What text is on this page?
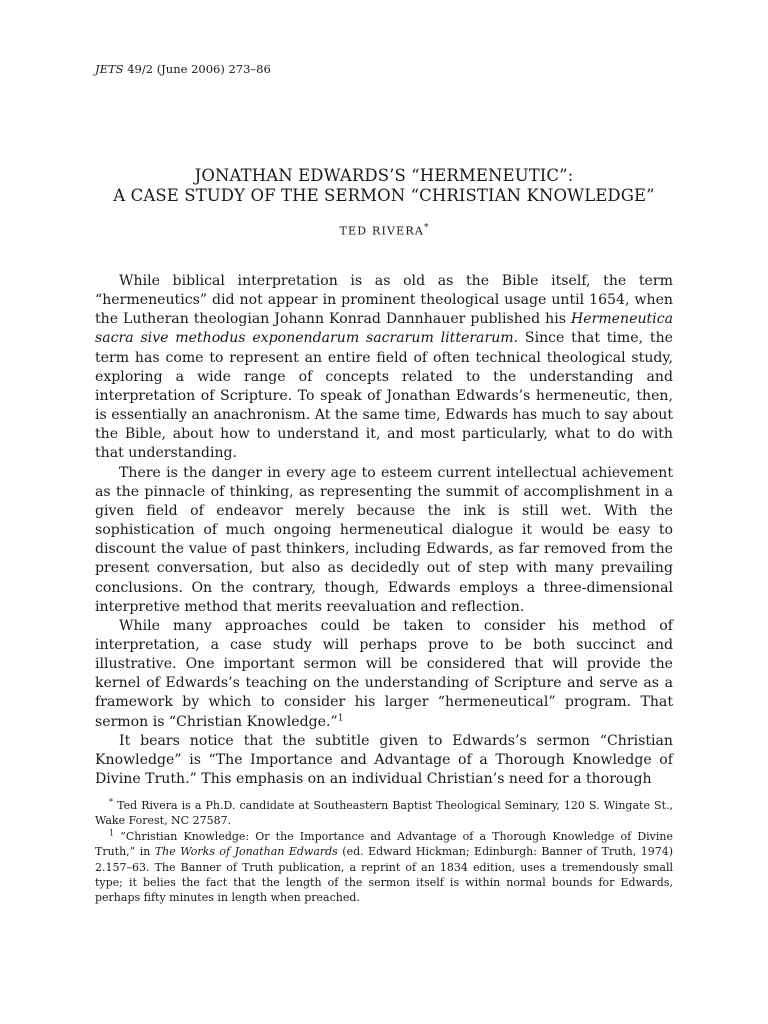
JETS 49/2 (June 2006) 273–86
JONATHAN EDWARDS’S “HERMENEUTIC”:
A CASE STUDY OF THE SERMON “CHRISTIAN KNOWLEDGE”
TED RIVERA*

While biblical interpretation is as old as the Bible itself, the term “hermeneutics” did not appear in prominent theological usage until 1654, when the Lutheran theologian Johann Konrad Dannhauer published his Hermeneutica sacra sive methodus exponendarum sacrarum litterarum. Since that time, the term has come to represent an entire field of often technical theological study, exploring a wide range of concepts related to the understanding and interpretation of Scripture. To speak of Jonathan Edwards’s hermeneutic, then, is essentially an anachronism. At the same time, Edwards has much to say about the Bible, about how to understand it, and most particularly, what to do with that understanding.

There is the danger in every age to esteem current intellectual achievement as the pinnacle of thinking, as representing the summit of accomplishment in a given field of endeavor merely because the ink is still wet. With the sophistication of much ongoing hermeneutical dialogue it would be easy to discount the value of past thinkers, including Edwards, as far removed from the present conversation, but also as decidedly out of step with many prevailing conclusions. On the contrary, though, Edwards employs a three-dimensional interpretive method that merits reevaluation and reflection.

While many approaches could be taken to consider his method of interpretation, a case study will perhaps prove to be both succinct and illustrative. One important sermon will be considered that will provide the kernel of Edwards’s teaching on the understanding of Scripture and serve as a framework by which to consider his larger “hermeneutical” program. That sermon is “Christian Knowledge.”$^1$

It bears notice that the subtitle given to Edwards’s sermon “Christian Knowledge” is “The Importance and Advantage of a Thorough Knowledge of Divine Truth.” This emphasis on an individual Christian’s need for a thorough

* Ted Rivera is a Ph.D. candidate at Southeastern Baptist Theological Seminary, 120 S. Wingate St., Wake Forest, NC 27587.

$^1$ “Christian Knowledge: Or the Importance and Advantage of a Thorough Knowledge of Divine Truth,” in The Works of Jonathan Edwards (ed. Edward Hickman; Edinburgh: Banner of Truth, 1974) 2.157–63. The Banner of Truth publication, a reprint of an 1834 edition, uses a tremendously small type; it belies the fact that the length of the sermon itself is within normal bounds for Edwards, perhaps fifty minutes in length when preached.
